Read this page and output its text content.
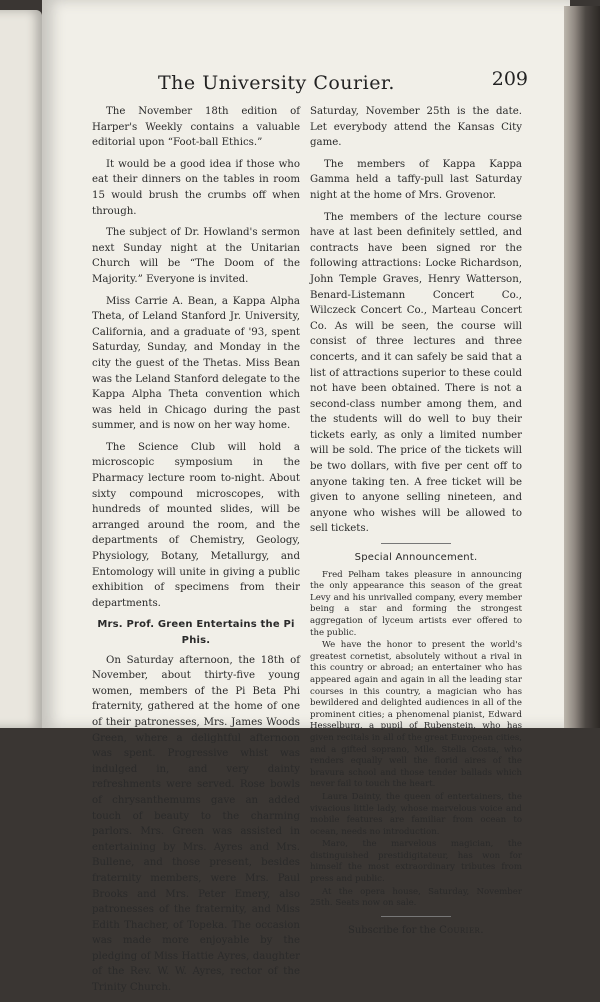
The University Courier.	209

The November 18th edition of Harper's Weekly contains a valuable editorial upon “Foot-ball Ethics.”

It would be a good idea if those who eat their dinners on the tables in room 15 would brush the crumbs off when through.

The subject of Dr. Howland's sermon next Sunday night at the Unitarian Church will be “The Doom of the Majority.” Everyone is invited.

Miss Carrie A. Bean, a Kappa Alpha Theta, of Leland Stanford Jr. University, California, and a graduate of '93, spent Saturday, Sunday, and Monday in the city the guest of the Thetas. Miss Bean was the Leland Stanford delegate to the Kappa Alpha Theta convention which was held in Chicago during the past summer, and is now on her way home.

The Science Club will hold a microscopic symposium in the Pharmacy lecture room to-night. About sixty compound microscopes, with hundreds of mounted slides, will be arranged around the room, and the departments of Chemistry, Geology, Physiology, Botany, Metallurgy, and Entomology will unite in giving a public exhibition of specimens from their departments.

Mrs. Prof. Green Entertains the Pi Phis.

On Saturday afternoon, the 18th of November, about thirty-five young women, members of the Pi Beta Phi fraternity, gathered at the home of one of their patronesses, Mrs. James Woods Green, where a delightful afternoon was spent. Progressive whist was indulged in, and very dainty refreshments were served. Rose bowls of chrysanthemums gave an added touch of beauty to the charming parlors. Mrs. Green was assisted in entertaining by Mrs. Ayres and Mrs. Bullene, and those present, besides fraternity members, were Mrs. Paul Brooks and Mrs. Peter Emery, also patronesses of the fraternity, and Miss Edith Thacher, of Topeka. The occasion was made more enjoyable by the pledging of Miss Hattie Ayres, daughter of the Rev. W. W. Ayres, rector of the Trinity Church.

Saturday, November 25th is the date. Let everybody attend the Kansas City game.

The members of Kappa Kappa Gamma held a taffy-pull last Saturday night at the home of Mrs. Grovenor.

The members of the lecture course have at last been definitely settled, and contracts have been signed ror the following attractions: Locke Richardson, John Temple Graves, Henry Watterson, Benard-Listemann Concert Co., Wilczeck Concert Co., Marteau Concert Co. As will be seen, the course will consist of three lectures and three concerts, and it can safely be said that a list of attractions superior to these could not have been obtained. There is not a second-class number among them, and the students will do well to buy their tickets early, as only a limited number will be sold. The price of the tickets will be two dollars, with five per cent off to anyone taking ten. A free ticket will be given to anyone selling nineteen, and anyone who wishes will be allowed to sell tickets.

Special Announcement.

Fred Pelham takes pleasure in announcing the only appearance this season of the great Levy and his unrivalled company, every member being a star and forming the strongest aggregation of lyceum artists ever offered to the public.

We have the honor to present the world's greatest cornetist, absolutely without a rival in this country or abroad; an entertainer who has appeared again and again in all the leading star courses in this country, a magician who has bewildered and delighted audiences in all of the prominent cities; a phenomenal pianist, Edward Hesselburg, a pupil of Rubenstein, who has given recitals in all of the great European cities, and a gifted soprano, Mlle. Stella Costa, who renders equally well the florid aires of the bravura school and those tender ballads which never fail to touch the heart.

Laura Dainty, the queen of entertainers, the vivacious little lady, whose marvelous voice and mobile features are familiar from ocean to ocean, needs no introduction.

Maro, the marvelous magician, the distinguished prestidigitateur, has won for himself the most extraordinary tributes from press and public.

At the opera house, Saturday, November 25th. Seats now on sale.

Subscribe for the Courier.
